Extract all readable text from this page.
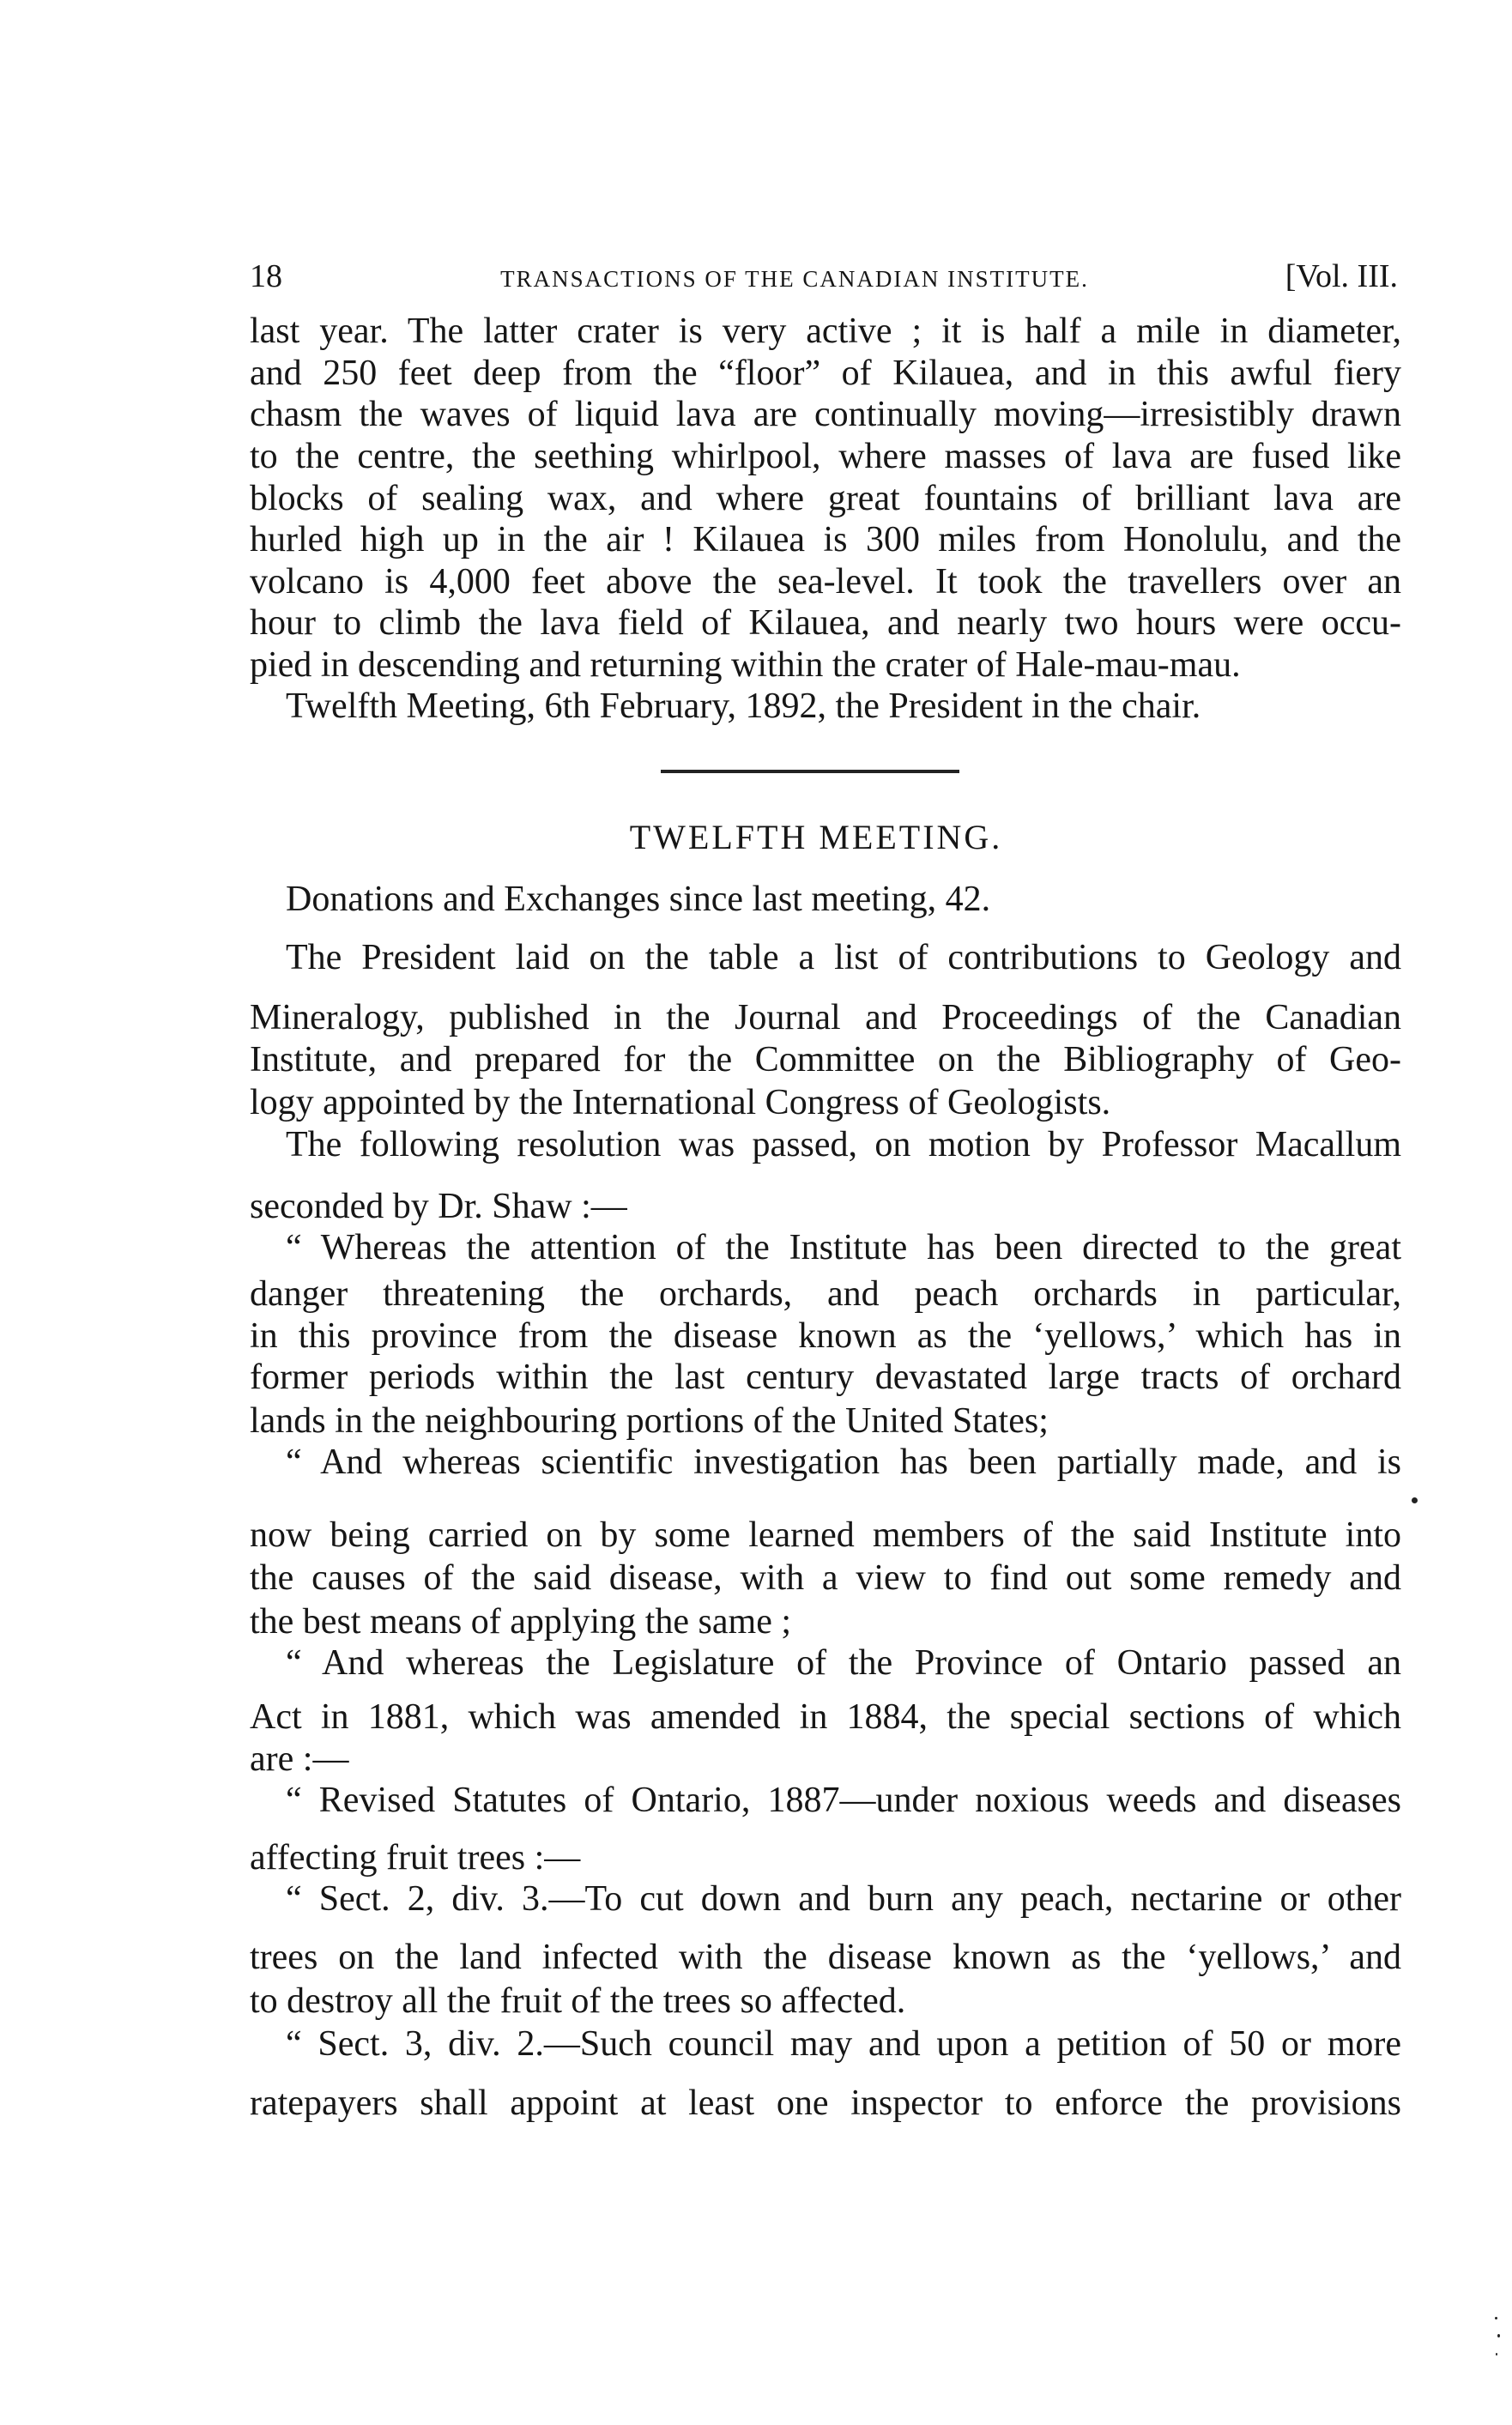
18	TRANSACTIONS OF THE CANADIAN INSTITUTE.	[Vol. III.
TWELFTH MEETING.
last year. The latter crater is very active ; it is half a mile in diameter,
and 250 feet deep from the “floor” of Kilauea, and in this awful fiery
chasm the waves of liquid lava are continually moving—irresistibly drawn
to the centre, the seething whirlpool, where masses of lava are fused like
blocks of sealing wax, and where great fountains of brilliant lava are
hurled high up in the air ! Kilauea is 300 miles from Honolulu, and the
volcano is 4,000 feet above the sea-level. It took the travellers over an
hour to climb the lava field of Kilauea, and nearly two hours were occu-
pied in descending and returning within the crater of Hale-mau-mau.
Twelfth Meeting, 6th February, 1892, the President in the chair.
Donations and Exchanges since last meeting, 42.
The President laid on the table a list of contributions to Geology and
Mineralogy, published in the Journal and Proceedings of the Canadian
Institute, and prepared for the Committee on the Bibliography of Geo-
logy appointed by the International Congress of Geologists.
The following resolution was passed, on motion by Professor Macallum
seconded by Dr. Shaw :—
“ Whereas the attention of the Institute has been directed to the great
danger threatening the orchards, and peach orchards in particular,
in this province from the disease known as the ‘yellows,’ which has in
former periods within the last century devastated large tracts of orchard
lands in the neighbouring portions of the United States;
“ And whereas scientific investigation has been partially made, and is
now being carried on by some learned members of the said Institute into
the causes of the said disease, with a view to find out some remedy and
the best means of applying the same ;
“ And whereas the Legislature of the Province of Ontario passed an
Act in 1881, which was amended in 1884, the special sections of which
are :—
“ Revised Statutes of Ontario, 1887—under noxious weeds and diseases
affecting fruit trees :—
“ Sect. 2, div. 3.—To cut down and burn any peach, nectarine or other
trees on the land infected with the disease known as the ‘yellows,’ and
to destroy all the fruit of the trees so affected.
“ Sect. 3, div. 2.—Such council may and upon a petition of 50 or more
ratepayers shall appoint at least one inspector to enforce the provisions
